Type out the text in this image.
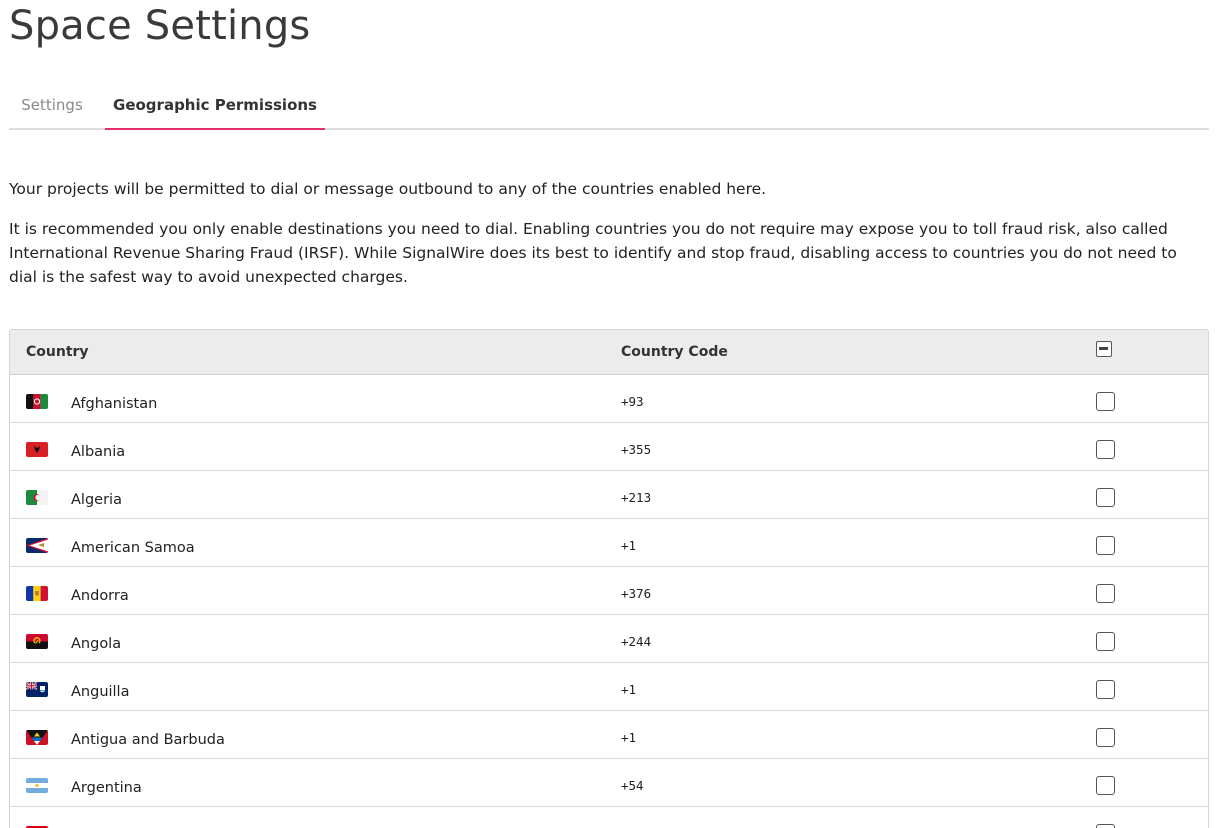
Space Settings
Settings	Geographic Permissions

Your projects will be permitted to dial or message outbound to any of the countries enabled here.

It is recommended you only enable destinations you need to dial. Enabling countries you do not require may expose you to toll fraud risk, also called International Revenue Sharing Fraud (IRSF). While SignalWire does its best to identify and stop fraud, disabling access to countries you do not need to dial is the safest way to avoid unexpected charges.

Country	Country Code
Afghanistan	+93
Albania	+355
Algeria	+213
American Samoa	+1
Andorra	+376
Angola	+244
Anguilla	+1
Antigua and Barbuda	+1
Argentina	+54
